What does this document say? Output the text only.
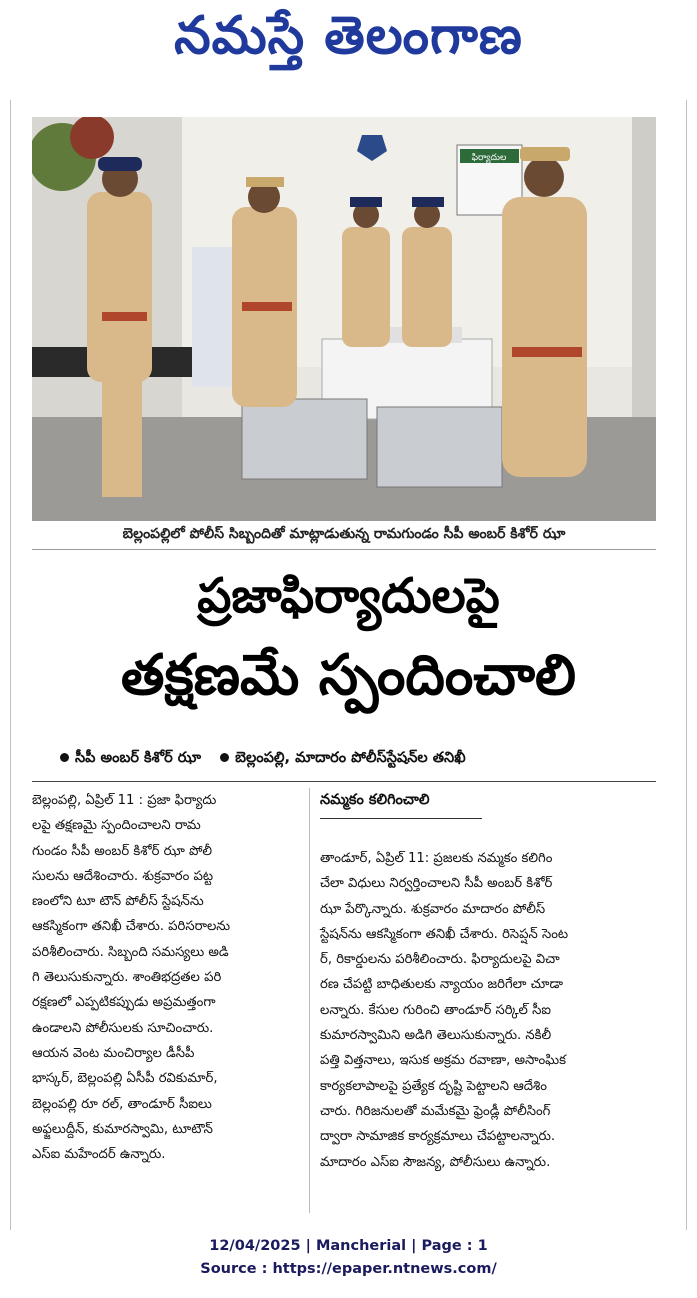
నమస్తే తెలంగాణ
ఫిర్యాదుల
బెల్లంపల్లిలో పోలీస్ సిబ్బందితో మాట్లాడుతున్న రామగుండం సీపీ అంబర్ కిశోర్ ఝా
ప్రజాఫిర్యాదులపై
తక్షణమే స్పందించాలి
సీపీ అంబర్ కిశోర్ ఝా బెల్లంపల్లి, మాదారం పోలీస్‌స్టేషన్‌ల తనిఖీ

బెల్లంపల్లి, ఏప్రిల్ 11 : ప్రజా ఫిర్యాదు

లపై తక్షణమై స్పందించాలని రామ

గుండం సీపీ అంబర్ కిశోర్ ఝా పోలీ

సులను ఆదేశించారు. శుక్రవారం పట్ట

ణంలోని టూ టౌన్ పోలీస్ స్టేషన్‌ను

ఆకస్మికంగా తనిఖీ చేశారు. పరిసరాలను

పరిశీలించారు. సిబ్బంది సమస్యలు అడి

గి తెలుసుకున్నారు. శాంతిభద్రతల పరి

రక్షణలో ఎప్పటికప్పుడు అప్రమత్తంగా

ఉండాలని పోలీసులకు సూచించారు.

ఆయన వెంట మంచిర్యాల డీసీపీ

భాస్కర్, బెల్లంపల్లి ఏసీపీ రవికుమార్,

బెల్లంపల్లి రూ రల్, తాండూర్ సీఐలు

అఫ్జలుద్దీన్, కుమారస్వామి, టూటౌన్

ఎస్ఐ మహేందర్ ఉన్నారు.

నమ్మకం కలిగించాలి

తాండూర్, ఏప్రిల్ 11: ప్రజలకు నమ్మకం కలిగిం

చేలా విధులు నిర్వర్తించాలని సీపీ అంబర్ కిశోర్

ఝా పేర్కొన్నారు. శుక్రవారం మాదారం పోలీస్

స్టేషన్‌ను ఆకస్మికంగా తనిఖీ చేశారు. రిసెప్షన్ సెంట

ర్, రికార్డులను పరిశీలించారు. ఫిర్యాదులపై విచా

రణ చేపట్టి బాధితులకు న్యాయం జరిగేలా చూడా

లన్నారు. కేసుల గురించి తాండూర్ సర్కిల్ సీఐ

కుమారస్వామిని అడిగి తెలుసుకున్నారు. నకిలీ

పత్తి విత్తనాలు, ఇసుక అక్రమ రవాణా, అసాంఘిక

కార్యకలాపాలపై ప్రత్యేక దృష్టి పెట్టాలని ఆదేశిం

చారు. గిరిజనులతో మమేకమై ఫ్రెండ్లీ పోలీసింగ్

ద్వారా సామాజిక కార్యక్రమాలు చేపట్టాలన్నారు.

మాదారం ఎస్ఐ సౌజన్య, పోలీసులు ఉన్నారు.

12/04/2025 | Mancherial | Page : 1
Source : https://epaper.ntnews.com/
